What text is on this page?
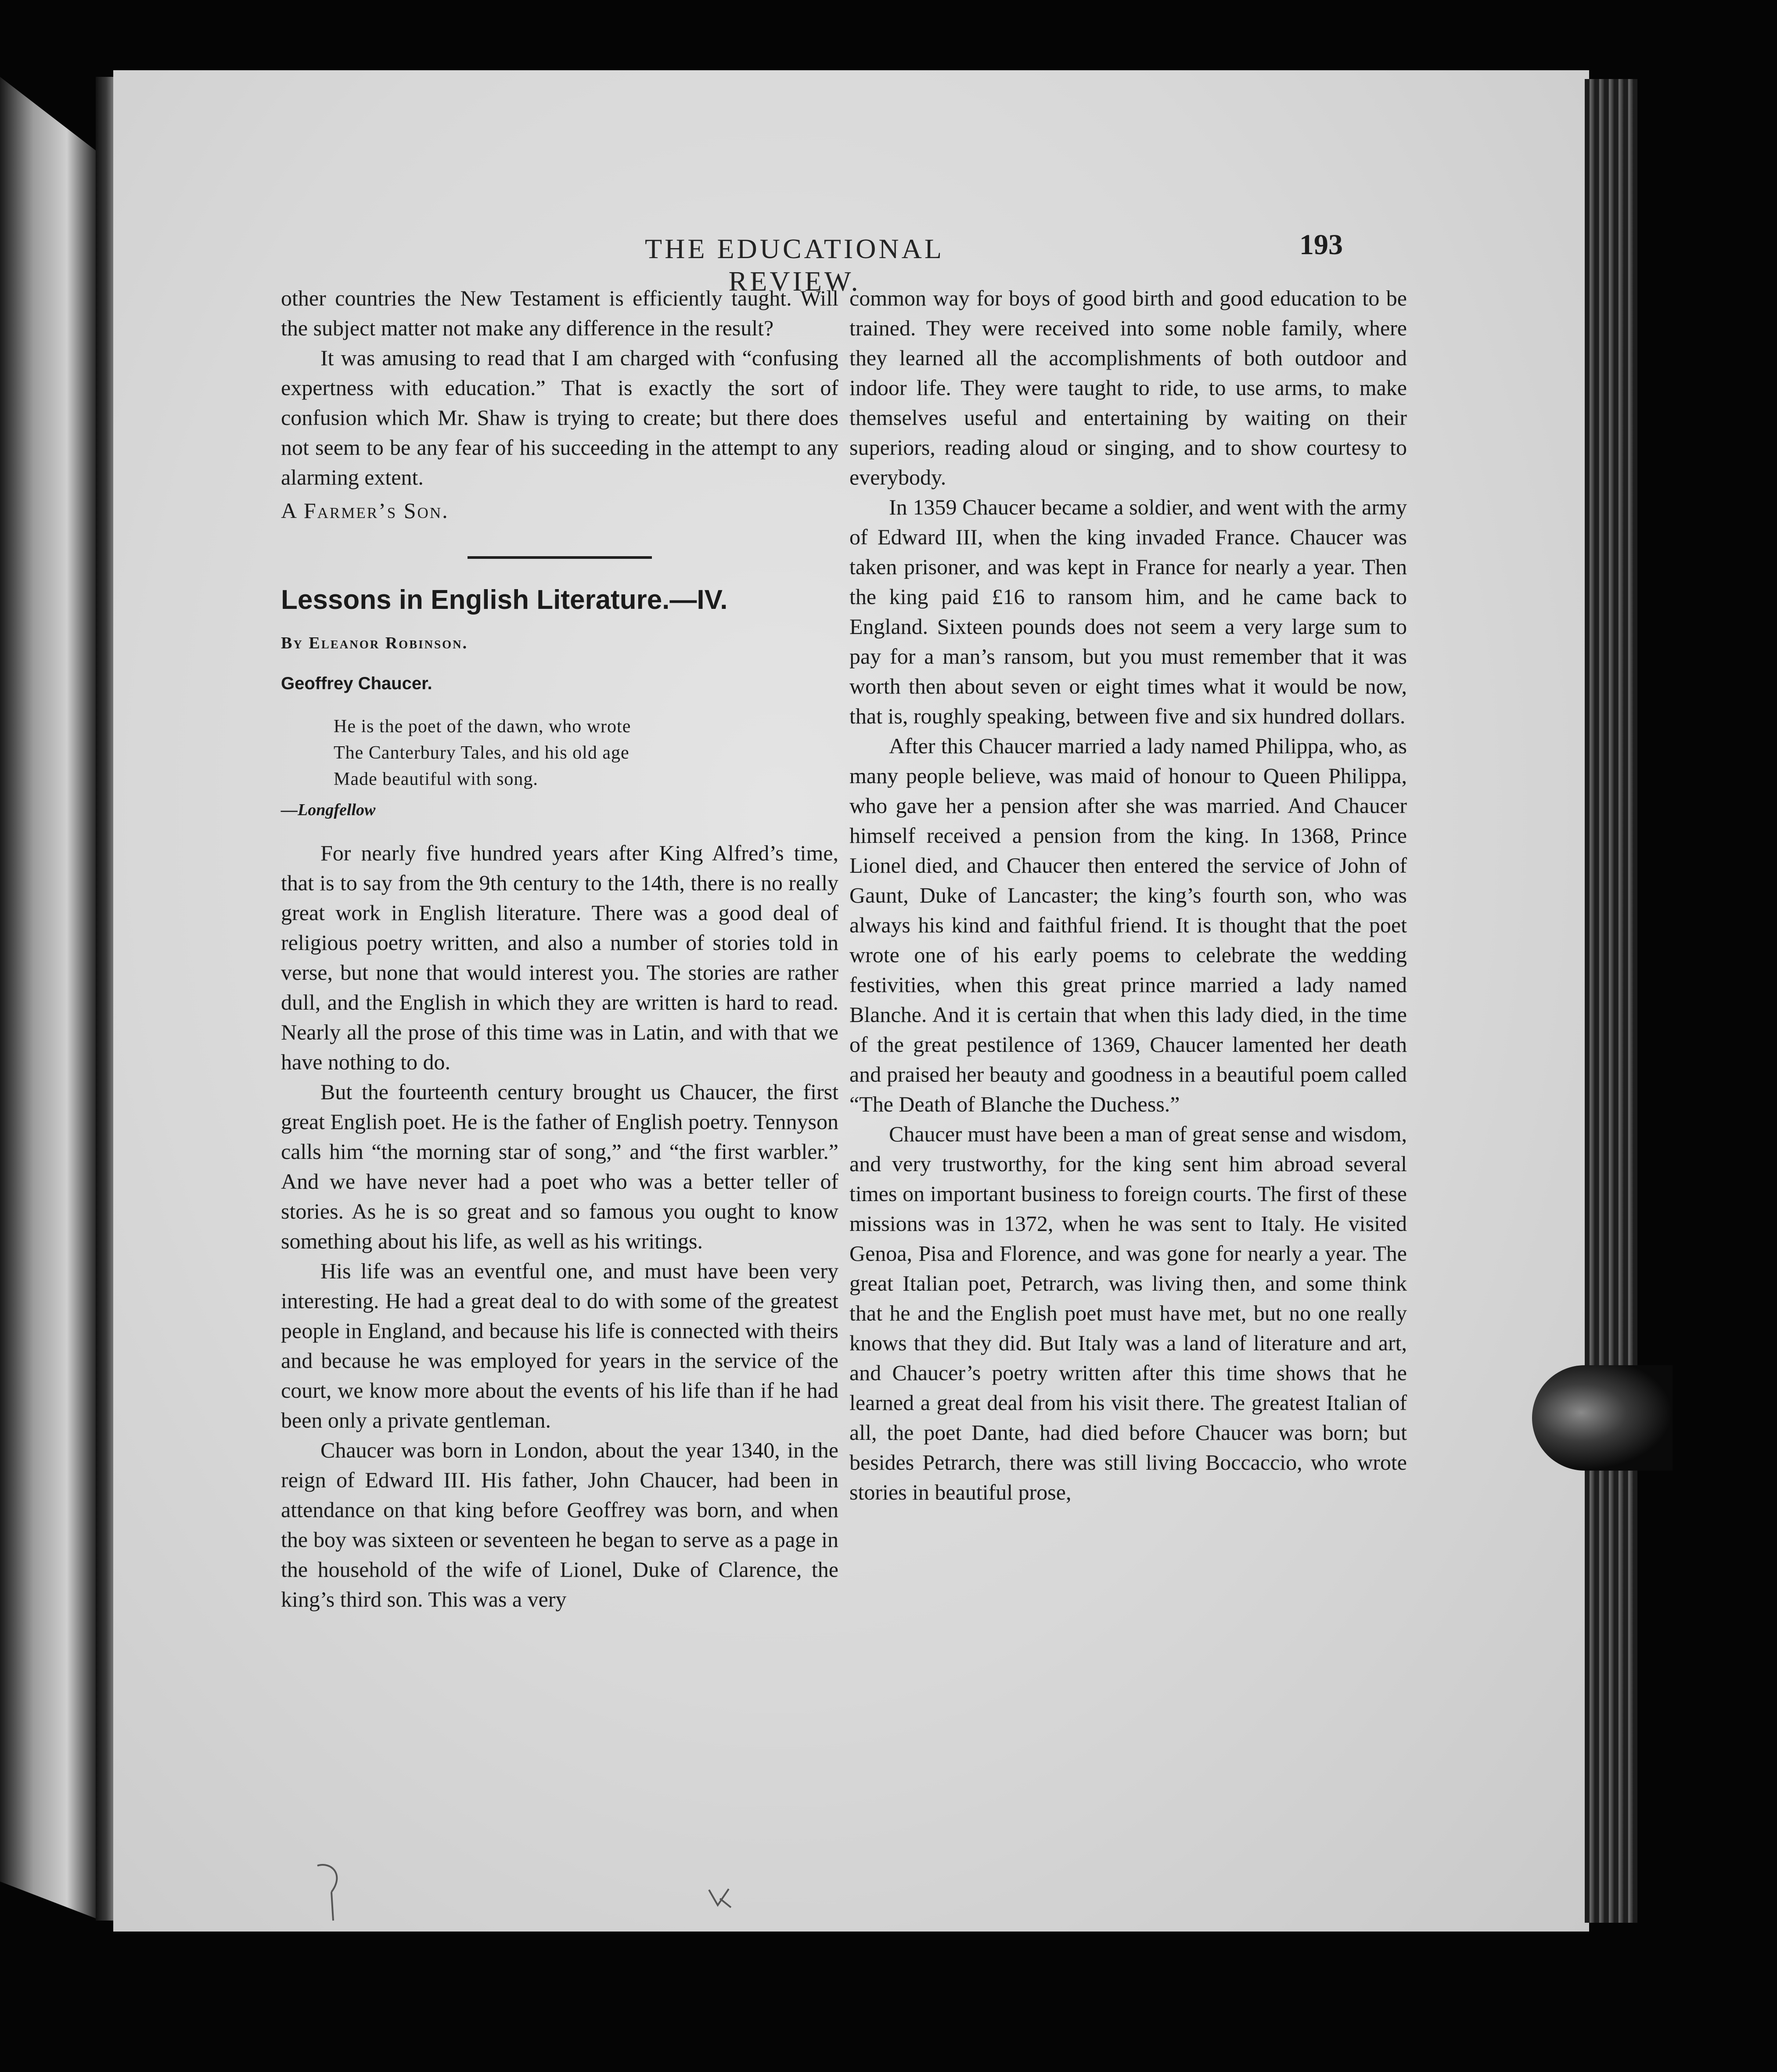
THE EDUCATIONAL REVIEW.
193

other countries the New Testament is efficiently taught. Will the subject matter not make any difference in the result?

It was amusing to read that I am charged with “confusing expertness with education.” That is exactly the sort of confusion which Mr. Shaw is trying to create; but there does not seem to be any fear of his succeeding in the attempt to any alarming extent.

A Farmer’s Son.

Lessons in English Literature.—IV.

By Eleanor Robinson.

Geoffrey Chaucer.

He is the poet of the dawn, who wrote
The Canterbury Tales, and his old age
Made beautiful with song.

—Longfellow

For nearly five hundred years after King Alfred’s time, that is to say from the 9th century to the 14th, there is no really great work in English literature. There was a good deal of religious poetry written, and also a number of stories told in verse, but none that would interest you. The stories are rather dull, and the English in which they are written is hard to read. Nearly all the prose of this time was in Latin, and with that we have nothing to do.

But the fourteenth century brought us Chaucer, the first great English poet. He is the father of English poetry. Tennyson calls him “the morning star of song,” and “the first warbler.” And we have never had a poet who was a better teller of stories. As he is so great and so famous you ought to know something about his life, as well as his writings.

His life was an eventful one, and must have been very interesting. He had a great deal to do with some of the greatest people in England, and because his life is connected with theirs and because he was employed for years in the service of the court, we know more about the events of his life than if he had been only a private gentleman.

Chaucer was born in London, about the year 1340, in the reign of Edward III. His father, John Chaucer, had been in attendance on that king before Geoffrey was born, and when the boy was sixteen or seventeen he began to serve as a page in the household of the wife of Lionel, Duke of Clarence, the king’s third son. This was a very

common way for boys of good birth and good education to be trained. They were received into some noble family, where they learned all the accomplishments of both outdoor and indoor life. They were taught to ride, to use arms, to make themselves useful and entertaining by waiting on their superiors, reading aloud or singing, and to show courtesy to everybody.

In 1359 Chaucer became a soldier, and went with the army of Edward III, when the king invaded France. Chaucer was taken prisoner, and was kept in France for nearly a year. Then the king paid £16 to ransom him, and he came back to England. Sixteen pounds does not seem a very large sum to pay for a man’s ransom, but you must remember that it was worth then about seven or eight times what it would be now, that is, roughly speaking, between five and six hundred dollars.

After this Chaucer married a lady named Philippa, who, as many people believe, was maid of honour to Queen Philippa, who gave her a pension after she was married. And Chaucer himself received a pension from the king. In 1368, Prince Lionel died, and Chaucer then entered the service of John of Gaunt, Duke of Lancaster; the king’s fourth son, who was always his kind and faithful friend. It is thought that the poet wrote one of his early poems to celebrate the wedding festivities, when this great prince married a lady named Blanche. And it is certain that when this lady died, in the time of the great pestilence of 1369, Chaucer lamented her death and praised her beauty and goodness in a beautiful poem called “The Death of Blanche the Duchess.”

Chaucer must have been a man of great sense and wisdom, and very trustworthy, for the king sent him abroad several times on important business to foreign courts. The first of these missions was in 1372, when he was sent to Italy. He visited Genoa, Pisa and Florence, and was gone for nearly a year. The great Italian poet, Petrarch, was living then, and some think that he and the English poet must have met, but no one really knows that they did. But Italy was a land of literature and art, and Chaucer’s poetry written after this time shows that he learned a great deal from his visit there. The greatest Italian of all, the poet Dante, had died before Chaucer was born; but besides Petrarch, there was still living Boccaccio, who wrote stories in beautiful prose,
